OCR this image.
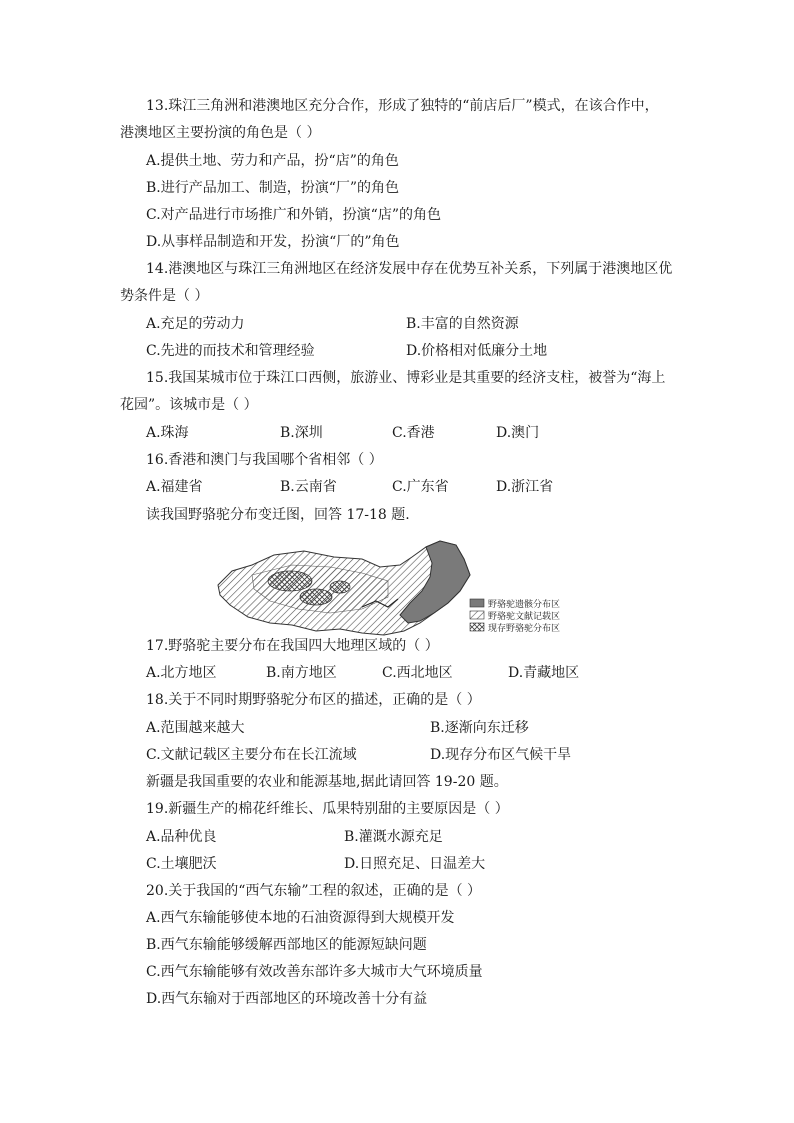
13.珠江三角洲和港澳地区充分合作，形成了独特的“前店后厂”模式，在该合作中，
港澳地区主要扮演的角色是（ ）
A.提供土地、劳力和产品，扮“店”的角色
B.进行产品加工、制造，扮演“厂”的角色
C.对产品进行市场推广和外销，扮演“店”的角色
D.从事样品制造和开发，扮演“厂的”角色
14.港澳地区与珠江三角洲地区在经济发展中存在优势互补关系，下列属于港澳地区优
势条件是（ ）
A.充足的劳动力	B.丰富的自然资源
C.先进的而技术和管理经验	D.价格相对低廉分土地
15.我国某城市位于珠江口西侧，旅游业、博彩业是其重要的经济支柱，被誉为“海上
花园”。该城市是（ ）
A.珠海	B.深圳	C.香港	D.澳门
16.香港和澳门与我国哪个省相邻（ ）
A.福建省	B.云南省	C.广东省	D.浙江省
读我国野骆驼分布变迁图，回答 17-18 题.
野骆驼遗骸分布区
野骆驼文献记载区
现存野骆驼分布区
17.野骆驼主要分布在我国四大地理区域的（ ）
A.北方地区	B.南方地区	C.西北地区	D.青藏地区
18.关于不同时期野骆驼分布区的描述，正确的是（ ）
A.范围越来越大	B.逐渐向东迁移
C.文献记载区主要分布在长江流域	D.现存分布区气候干旱
新疆是我国重要的农业和能源基地,据此请回答 19-20 题。
19.新疆生产的棉花纤维长、瓜果特别甜的主要原因是（ ）
A.品种优良	B.灌溉水源充足
C.土壤肥沃	D.日照充足、日温差大
20.关于我国的“西气东输”工程的叙述，正确的是（ ）
A.西气东输能够使本地的石油资源得到大规模开发
B.西气东输能够缓解西部地区的能源短缺问题
C.西气东输能够有效改善东部许多大城市大气环境质量
D.西气东输对于西部地区的环境改善十分有益
